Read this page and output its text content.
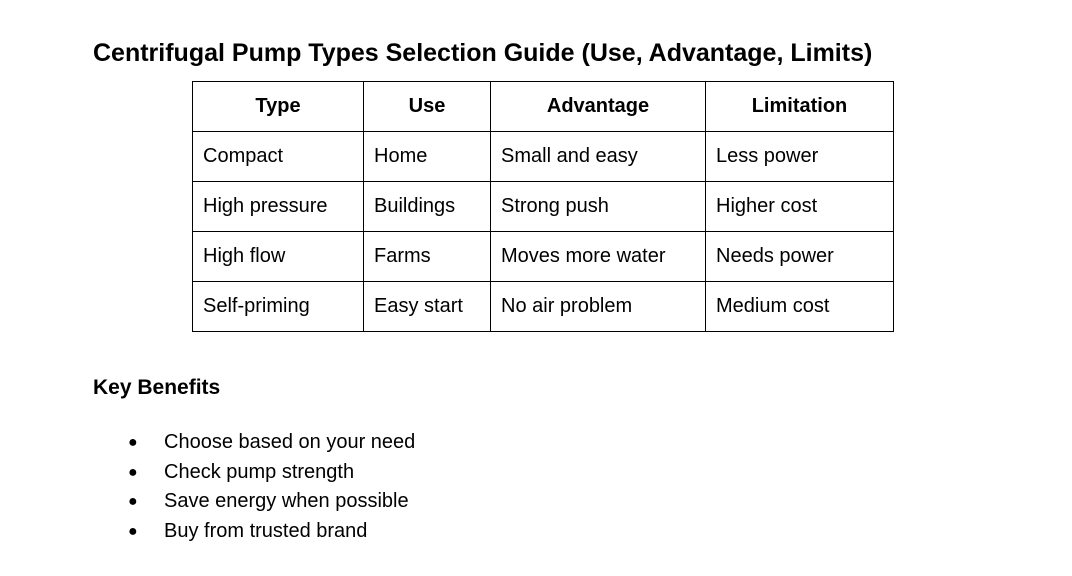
Centrifugal Pump Types Selection Guide (Use, Advantage, Limits)
Type	Use	Advantage	Limitation
Compact	Home	Small and easy	Less power
High pressure	Buildings	Strong push	Higher cost
High flow	Farms	Moves more water	Needs power
Self-priming	Easy start	No air problem	Medium cost
Key Benefits
● Choose based on your need
● Check pump strength
● Save energy when possible
● Buy from trusted brand
